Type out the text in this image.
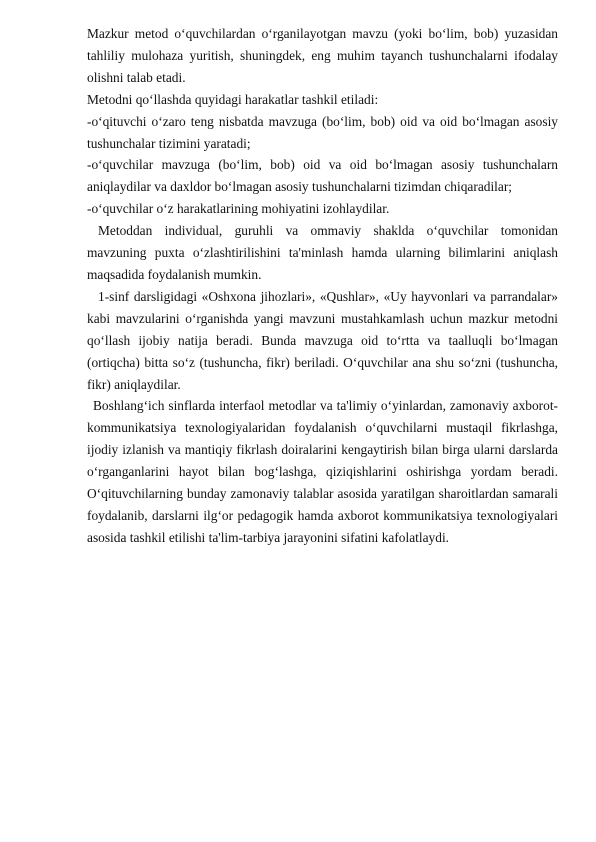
Mazkur metod o‘quvchilardan o‘rganilayotgan mavzu (yoki bo‘lim, bob) yuzasidan tahliliy mulohaza yuritish, shuningdek, eng muhim tayanch tushunchalarni ifodalay olishni talab etadi.

Metodni qo‘llashda quyidagi harakatlar tashkil etiladi:

-o‘qituvchi o‘zaro teng nisbatda mavzuga (bo‘lim, bob) oid va oid bo‘lmagan asosiy tushunchalar tizimini yaratadi;

-o‘quvchilar mavzuga (bo‘lim, bob) oid va oid bo‘lmagan asosiy tushunchalarn aniqlaydilar va daxldor bo‘lmagan asosiy tushunchalarni tizimdan chiqaradilar;

-o‘quvchilar o‘z harakatlarining mohiyatini izohlaydilar.

Metoddan individual, guruhli va ommaviy shaklda o‘quvchilar tomonidan mavzuning puxta o‘zlashtirilishini ta'minlash hamda ularning bilimlarini aniqlash maqsadida foydalanish mumkin.

1-sinf darsligidagi «Oshxona jihozlari», «Qushlar», «Uy hayvonlari va parrandalar» kabi mavzularini o‘rganishda yangi mavzuni mustahkamlash uchun mazkur metodni qo‘llash ijobiy natija beradi. Bunda mavzuga oid to‘rtta va taalluqli bo‘lmagan (ortiqcha) bitta so‘z (tushuncha, fikr) beriladi. O‘quvchilar ana shu so‘zni (tushuncha, fikr) aniqlaydilar.

Boshlang‘ich sinflarda interfaol metodlar va ta'limiy o‘yinlardan, zamonaviy axborot-kommunikatsiya texnologiyalaridan foydalanish o‘quvchilarni mustaqil fikrlashga, ijodiy izlanish va mantiqiy fikrlash doiralarini kengaytirish bilan birga ularni darslarda o‘rganganlarini hayot bilan bog‘lashga, qiziqishlarini oshirishga yordam beradi. O‘qituvchilarning bunday zamonaviy talablar asosida yaratilgan sharoitlardan samarali foydalanib, darslarni ilg‘or pedagogik hamda axborot kommunikatsiya texnologiyalari asosida tashkil etilishi ta'lim-tarbiya jarayonini sifatini kafolatlaydi.
